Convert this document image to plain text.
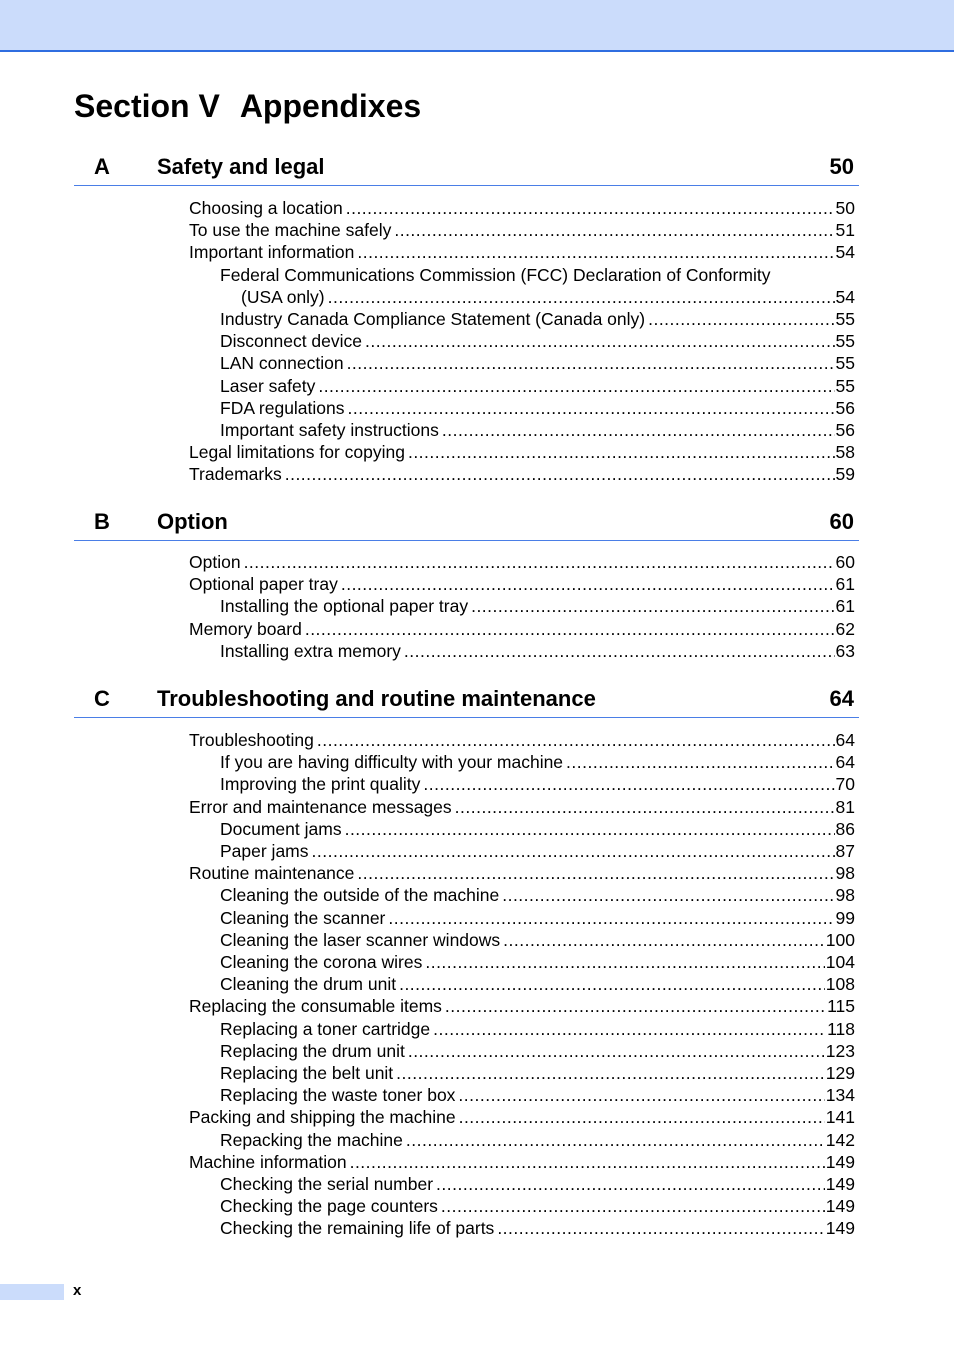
Section V Appendixes
A Safety and legal	50
Choosing a location .....	50
To use the machine safely .....	51
Important information .....	54
Federal Communications Commission (FCC) Declaration of Conformity
(USA only) .....	54
Industry Canada Compliance Statement (Canada only) .....	55
Disconnect device .....	55
LAN connection .....	55
Laser safety .....	55
FDA regulations .....	56
Important safety instructions .....	56
Legal limitations for copying .....	58
Trademarks .....	59
B Option	60
Option .....	60
Optional paper tray .....	61
Installing the optional paper tray .....	61
Memory board .....	62
Installing extra memory .....	63
C Troubleshooting and routine maintenance	64
Troubleshooting .....	64
If you are having difficulty with your machine .....	64
Improving the print quality .....	70
Error and maintenance messages .....	81
Document jams .....	86
Paper jams .....	87
Routine maintenance .....	98
Cleaning the outside of the machine .....	98
Cleaning the scanner .....	99
Cleaning the laser scanner windows .....	100
Cleaning the corona wires .....	104
Cleaning the drum unit .....	108
Replacing the consumable items .....	115
Replacing a toner cartridge .....	118
Replacing the drum unit .....	123
Replacing the belt unit .....	129
Replacing the waste toner box .....	134
Packing and shipping the machine .....	141
Repacking the machine .....	142
Machine information .....	149
Checking the serial number .....	149
Checking the page counters .....	149
Checking the remaining life of parts .....	149
x
